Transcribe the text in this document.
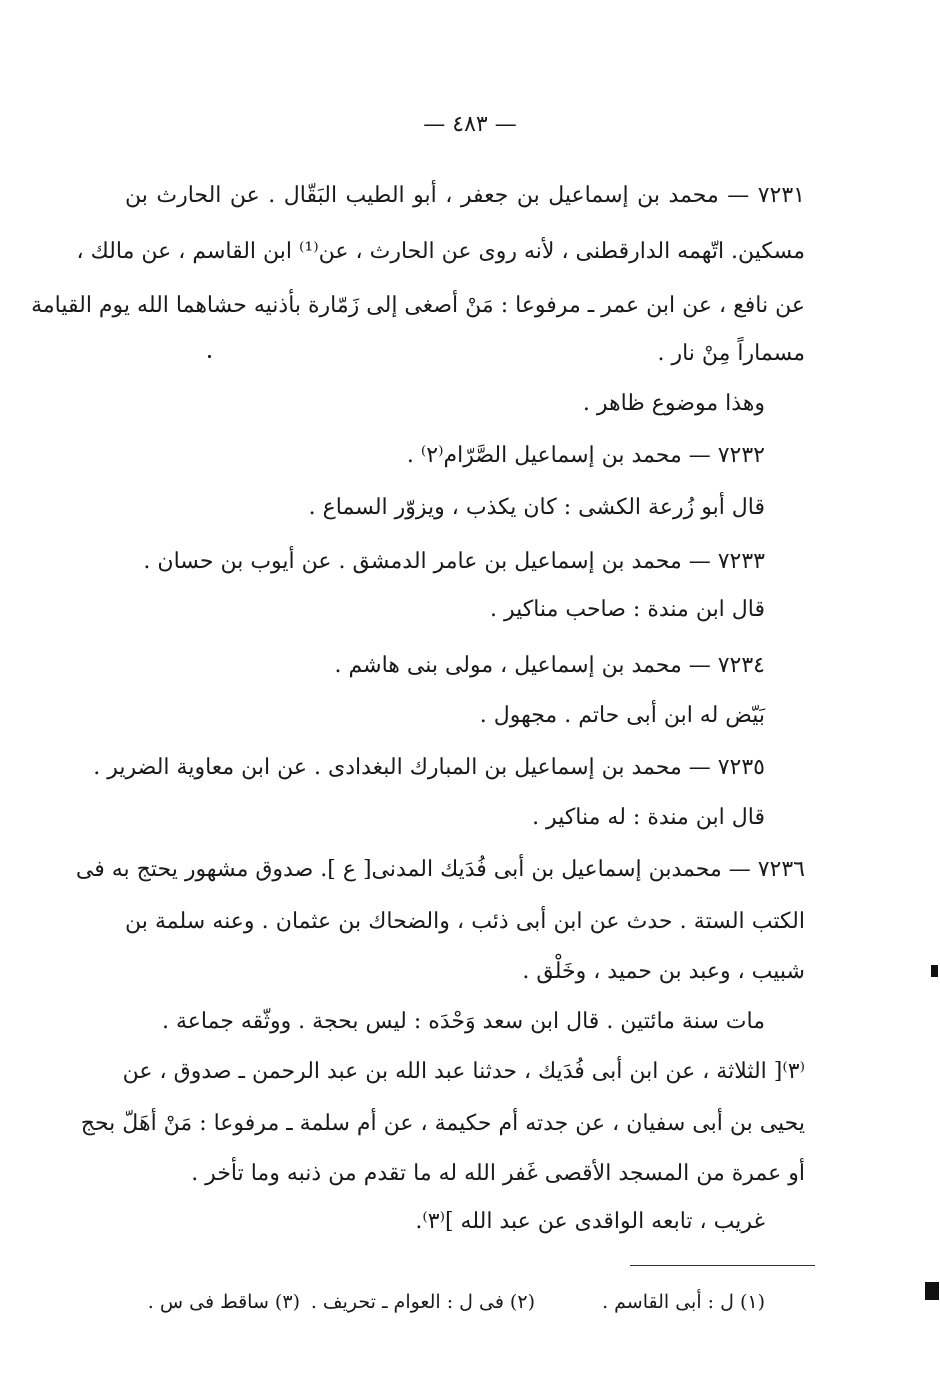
— ٤٨٣ —
٧٢٣١ — محمد بن إسماعيل بن جعفر ، أبو الطيب البَقّال . عن الحارث بن
مسكين. اتّهمه الدارقطنى ، لأنه روى عن الحارث ، عن⁽¹⁾ ابن القاسم ، عن مالك ،
عن نافع ، عن ابن عمر ـ مرفوعا : مَنْ أصغى إلى زَمّارة بأذنيه حشاهما الله يوم القيامة
مسماراً مِنْ نار .
وهذا موضوع ظاهر .
٧٢٣٢ — محمد بن إسماعيل الصَّرّام⁽٢⁾ .
قال أبو زُرعة الكشى : كان يكذب ، ويزوّر السماع .
٧٢٣٣ — محمد بن إسماعيل بن عامر الدمشق . عن أيوب بن حسان .
قال ابن مندة : صاحب مناكير .
٧٢٣٤ — محمد بن إسماعيل ، مولى بنى هاشم .
بَيّض له ابن أبى حاتم . مجهول .
٧٢٣٥ — محمد بن إسماعيل بن المبارك البغدادى . عن ابن معاوية الضرير .
قال ابن مندة : له مناكير .
٧٢٣٦ — محمدبن إسماعيل بن أبى فُدَيك المدنى[ ع ]. صدوق مشهور يحتج به فى
الكتب الستة . حدث عن ابن أبى ذئب ، والضحاك بن عثمان . وعنه سلمة بن
شبيب ، وعبد بن حميد ، وخَلْق .
مات سنة مائتين . قال ابن سعد وَحْدَه : ليس بحجة . ووثّقه جماعة .
⁽٣⁾[ الثلاثة ، عن ابن أبى فُدَيك ، حدثنا عبد الله بن عبد الرحمن ـ صدوق ، عن
يحيى بن أبى سفيان ، عن جدته أم حكيمة ، عن أم سلمة ـ مرفوعا : مَنْ أهَلّ بحج
أو عمرة من المسجد الأقصى غَفر الله له ما تقدم من ذنبه وما تأخر .
غريب ، تابعه الواقدى عن عبد الله ]⁽٣⁾.
(١) ل : أبى القاسم .(٢) فى ل : العوام ـ تحريف .(٣) ساقط فى س .
